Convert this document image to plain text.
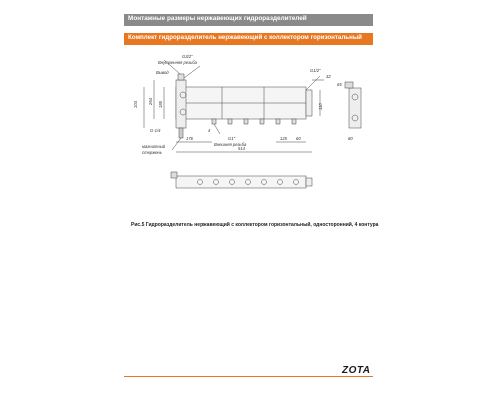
Монтажные размеры нержавеющих гидроразделителей
Комплект гидроразделитель нержавеющий с коллектором горизонтальный
G3/2"
Внутренняя резьба
Вывод	G1/2"
32
104 264 185
G-1/4
магнитный
стержень
176
4
G1"
Внешняя резьба
125 60
514
110
65
80
Рис.5 Гидроразделитель нержавеющий с коллектором горизонтальный, односторонний, 4 контура
ZOTA
